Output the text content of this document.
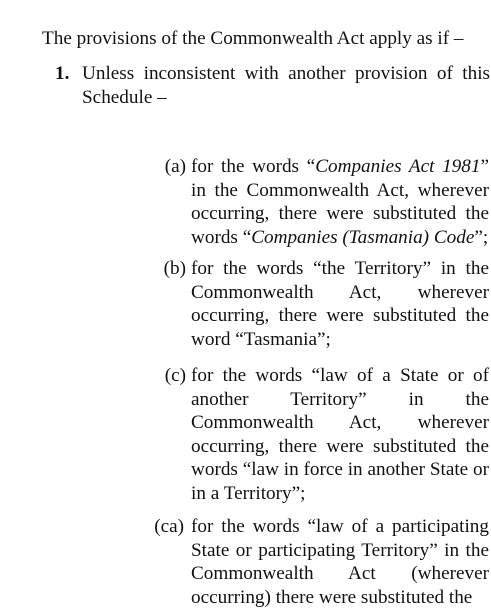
The provisions of the Commonwealth Act apply as if –
1. Unless inconsistent with another provision of this Schedule –
(a) for the words “Companies Act 1981” in the Commonwealth Act, wherever occurring, there were substituted the words “Companies (Tasmania) Code”;
(b) for the words “the Territory” in the Commonwealth Act, wherever occurring, there were substituted the word “Tasmania”;
(c) for the words “law of a State or of another Territory” in the Commonwealth Act, wherever occurring, there were substituted the words “law in force in another State or in a Territory”;
(ca) for the words “law of a participating State or participating Territory” in the Commonwealth Act (wherever occurring) there were substituted the
